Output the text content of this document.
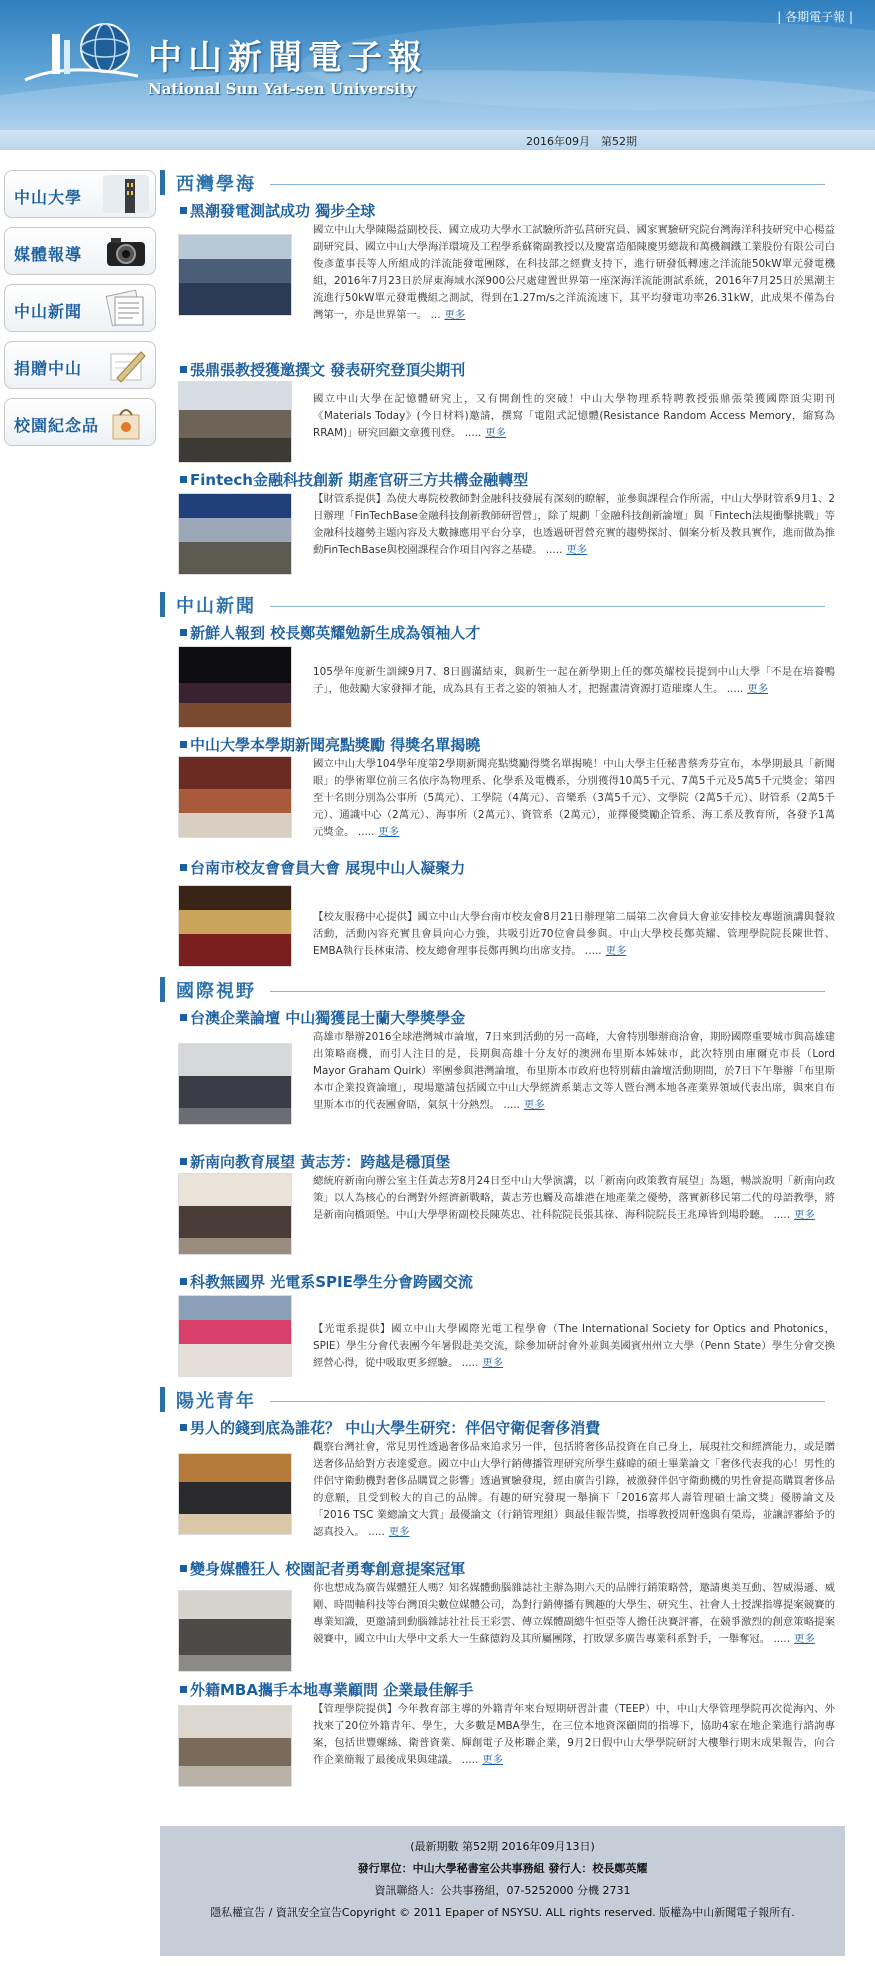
中山新聞電子報
National Sun Yat-sen University
| 各期電子報 |
2016年09月　第52期
中山大學
媒體報導
中山新聞
捐贈中山
校園紀念品
西灣學海
黑潮發電測試成功 獨步全球
國立中山大學陳陽益副校長、國立成功大學水工試驗所許弘莒研究員、國家實驗研究院台灣海洋科技研究中心楊益副研究員、國立中山大學海洋環境及工程學系蘇衛副教授以及慶富造船陳慶男總裁和萬機鋼鐵工業股份有限公司白俊彥董事長等人所組成的洋流能發電團隊，在科技部之經費支持下，進行研發低轉速之洋流能50kW單元發電機組，2016年7月23日於屏東海域水深900公尺處建置世界第一座深海洋流能測試系統，2016年7月25日於黑潮主流進行50kW單元發電機組之測試，得到在1.27m/s之洋流流速下，其平均發電功率26.31kW，此成果不僅為台灣第一，亦是世界第一。 ... 更多
張鼎張教授獲邀撰文 發表研究登頂尖期刊
國立中山大學在記憶體研究上，又有開創性的突破！中山大學物理系特聘教授張鼎張榮獲國際頂尖期刊《Materials Today》(今日材料)邀請，撰寫「電阻式記憶體(Resistance Random Access Memory，縮寫為RRAM)」研究回顧文章獲刊登。 ..... 更多
Fintech金融科技創新 期產官研三方共構金融轉型
【財管系提供】為使大專院校教師對金融科技發展有深刻的瞭解，並參與課程合作所需，中山大學財管系9月1、2日辦理「FinTechBase金融科技創新教師研習營」，除了規劃「金融科技創新論壇」與「Fintech法規衝擊挑戰」等金融科技趨勢主題內容及大數據應用平台分享，也透過研習營充實的趨勢探討、個案分析及教具實作，進而做為推動FinTechBase與校園課程合作項目內容之基礎。 ..... 更多
中山新聞
新鮮人報到 校長鄭英耀勉新生成為領袖人才
105學年度新生訓練9月7、8日圓滿結束，與新生一起在新學期上任的鄭英耀校長提到中山大學「不是在培養鴨子」，他鼓勵大家發揮才能，成為具有王者之姿的領袖人才，把握畫清資源打造璀璨人生。 ..... 更多
中山大學本學期新聞亮點獎勵 得獎名單揭曉
國立中山大學104學年度第2學期新聞亮點獎勵得獎名單揭曉！中山大學主任秘書蔡秀芬宣布，本學期最具「新聞眼」的學術單位前三名依序為物理系、化學系及電機系，分別獲得10萬5千元、7萬5千元及5萬5千元獎金；第四至十名則分別為公事所（5萬元）、工學院（4萬元）、音樂系（3萬5千元）、文學院（2萬5千元）、財管系（2萬5千元）、通識中心（2萬元）、海事所（2萬元）、資管系（2萬元），並擇優獎勵企管系、海工系及教育所，各發予1萬元獎金。 ..... 更多
台南市校友會會員大會 展現中山人凝聚力
【校友服務中心提供】國立中山大學台南市校友會8月21日辦理第二屆第二次會員大會並安排校友專題演講與餐敘活動，活動內容充實且會員向心力強，共吸引近70位會員參與。中山大學校長鄭英耀、管理學院院長陳世哲、EMBA執行長林東清、校友總會理事長鄭再興均出席支持。 ..... 更多
國際視野
台澳企業論壇 中山獨獲昆士蘭大學獎學金
高雄市舉辦2016全球港灣城市論壇，7日來到活動的另一高峰，大會特別舉辦商洽會，期盼國際重要城市與高雄建出策略商機，而引人注目的是，長期與高雄十分友好的澳洲布里斯本姊妹市，此次特別由庫爾克市長（Lord Mayor Graham Quirk）率團參與港灣論壇，布里斯本市政府也特別藉由論壇活動期間，於7日下午舉辦「布里斯本市企業投資論壇」，現場邀請包括國立中山大學經濟系葉志文等人暨台灣本地各產業界領域代表出席，與來自布里斯本市的代表團會晤，氣氛十分熱烈。 ..... 更多
新南向教育展望 黃志芳：跨越是穩頂堡
總統府新南向辦公室主任黃志芳8月24日至中山大學演講，以「新南向政策教育展望」為題，暢談說明「新南向政策」以人為核心的台灣對外經濟新戰略，黃志芳也觸及高雄港在地產業之優勢，落實新移民第二代的母語教學，將是新南向橋頭堡。中山大學學術副校長陳英忠、社科院院長張其祿、海科院院長王兆璋皆到場聆聽。 ..... 更多
科教無國界 光電系SPIE學生分會跨國交流
【光電系提供】國立中山大學國際光電工程學會（The International Society for Optics and Photonics，SPIE）學生分會代表團今年暑假赴美交流，除參加研討會外並與美國賓州州立大學（Penn State）學生分會交換經營心得，從中吸取更多經驗。 ..... 更多
陽光青年
男人的錢到底為誰花？ 中山大學生研究：伴侶守衛促奢侈消費
觀察台灣社會，常見男性透過奢侈品來追求另一伴，包括將奢侈品投資在自己身上，展現社交和經濟能力，或是贈送奢侈品給對方表達愛意。國立中山大學行銷傳播管理研究所學生蘇暐的碩士畢業論文「奢侈代表我的心！男性的伴侶守衛動機對奢侈品購買之影響」透過實驗發現，經由廣告引錄，被激發伴侶守衛動機的男性會提高購買奢侈品的意願，且受到較大的自己的品牌。有趣的研究發現一舉摘下「2016富邦人壽管理碩士論文獎」優勝論文及「2016 TSC 業總論文大賞」最優論文（行銷管理組）與最佳報告獎，指導教授周軒逸與有榮焉，並讓評審給予的認真投入。 ..... 更多
變身媒體狂人 校園記者勇奪創意提案冠軍
你也想成為廣告媒體狂人嗎？知名媒體動腦雜誌社主辦為期六天的品牌行銷策略營，邀請奧美互動、智威湯遜、威剛、時間軸科技等台灣頂尖數位媒體公司，為對行銷傳播有興趣的大學生、研究生、社會人士授課指導提案競賽的專業知識，更邀請到動腦雜誌社社長王彩雲、傳立媒體副總牛恒亞等人擔任決賽評審，在競爭激烈的創意策略提案競賽中，國立中山大學中文系大一生蘇德鈞及其所屬團隊，打敗眾多廣告專業科系對手，一舉奪冠。 ..... 更多
外籍MBA攜手本地專業顧問 企業最佳解手
【管理學院提供】今年教育部主導的外籍青年來台短期研習計畫（TEEP）中，中山大學管理學院再次從海內、外找來了20位外籍青年、學生，大多數是MBA學生，在三位本地資深顧問的指導下，協助4家在地企業進行諮詢專案，包括世豐螺絲、衛普資業、輝創電子及彬聯企業，9月2日假中山大學學院研討大樓舉行期末成果報告，向合作企業簡報了最後成果與建議。 ..... 更多
(最新期數 第52期 2016年09月13日)
發行單位：中山大學秘書室公共事務組 發行人：校長鄭英耀
資訊聯絡人：公共事務組，07-5252000 分機 2731
隱私權宣告 / 資訊安全宣告Copyright © 2011 Epaper of NSYSU. ALL rights reserved. 版權為中山新聞電子報所有.
